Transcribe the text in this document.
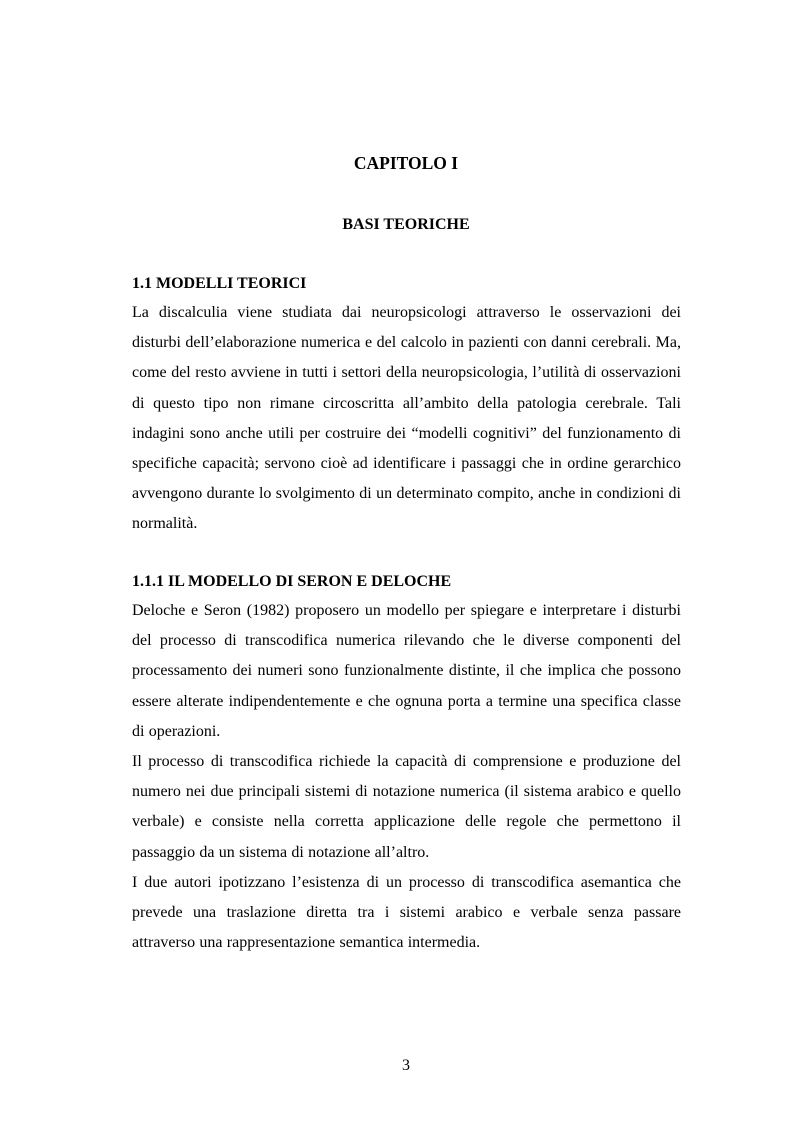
CAPITOLO I
BASI TEORICHE
1.1 MODELLI TEORICI

La discalculia viene studiata dai neuropsicologi attraverso le osservazioni dei disturbi dell’elaborazione numerica e del calcolo in pazienti con danni cerebrali. Ma, come del resto avviene in tutti i settori della neuropsicologia, l’utilità di osservazioni di questo tipo non rimane circoscritta all’ambito della patologia cerebrale. Tali indagini sono anche utili per costruire dei “modelli cognitivi” del funzionamento di specifiche capacità; servono cioè ad identificare i passaggi che in ordine gerarchico avvengono durante lo svolgimento di un determinato compito, anche in condizioni di normalità.

1.1.1 IL MODELLO DI SERON E DELOCHE

Deloche e Seron (1982) proposero un modello per spiegare e interpretare i disturbi del processo di transcodifica numerica rilevando che le diverse componenti del processamento dei numeri sono funzionalmente distinte, il che implica che possono essere alterate indipendentemente e che ognuna porta a termine una specifica classe di operazioni.

Il processo di transcodifica richiede la capacità di comprensione e produzione del numero nei due principali sistemi di notazione numerica (il sistema arabico e quello verbale) e consiste nella corretta applicazione delle regole che permettono il passaggio da un sistema di notazione all’altro.

I due autori ipotizzano l’esistenza di un processo di transcodifica asemantica che prevede una traslazione diretta tra i sistemi arabico e verbale senza passare attraverso una rappresentazione semantica intermedia.

3
